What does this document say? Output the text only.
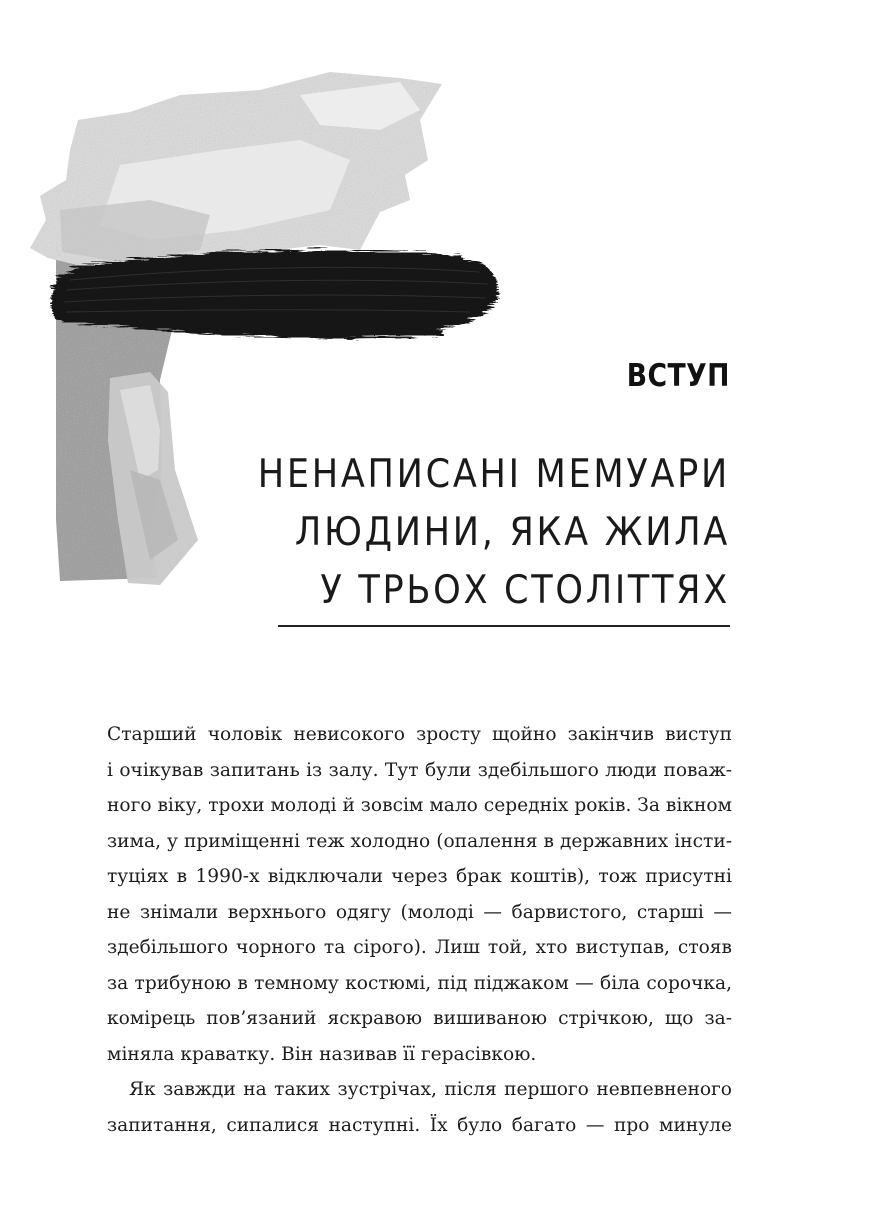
ВСТУП
НЕНАПИСАНІ МЕМУАРИ
ЛЮДИНИ, ЯКА ЖИЛА
У ТРЬОХ СТОЛІТТЯХ
Старший чоловік невисокого зросту щойно закінчив виступ
і очікував запитань із залу. Тут були здебільшого люди поваж-
ного віку, трохи молоді й зовсім мало середніх років. За вікном
зима, у приміщенні теж холодно (опалення в державних інсти-
туціях в 1990-х відключали через брак коштів), тож присутні
не знімали верхнього одягу (молоді — барвистого, старші —
здебільшого чорного та сірого). Лиш той, хто виступав, стояв
за трибуною в темному костюмі, під піджаком — біла сорочка,
комірець пов’язаний яскравою вишиваною стрічкою, що за-
міняла краватку. Він називав її герасівкою.
Як завжди на таких зустрічах, після першого невпевненого
запитання, сипалися наступні. Їх було багато — про минуле
